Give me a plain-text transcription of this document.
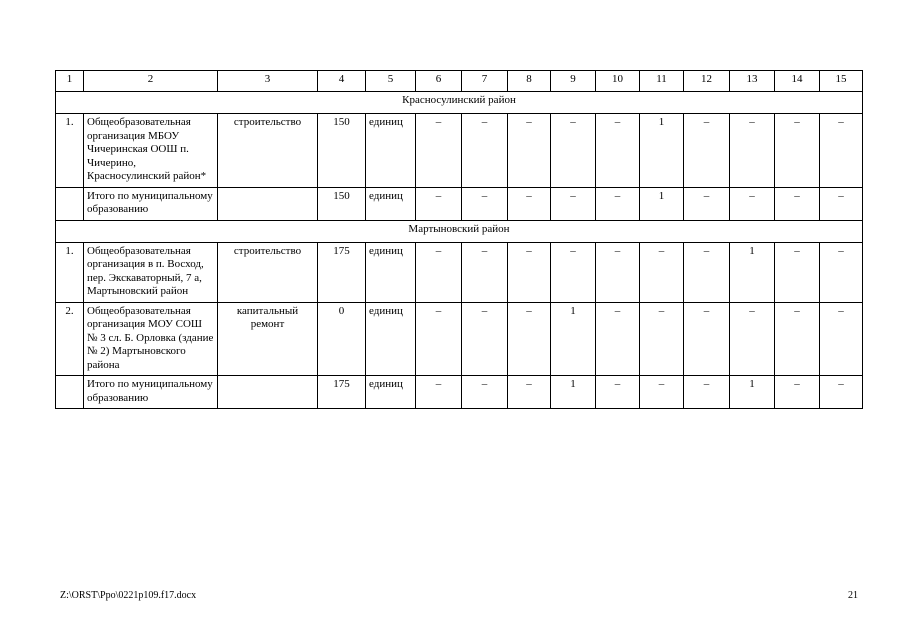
1	2	3	4	5	6	7	8	9	10	11	12	13	14	15
Красносулинский район														
1.	Общеобразовательная организация МБОУ Чичеринская ООШ п. Чичерино, Красносулинский район*	строительство	150	единиц	–	–	–	–	–	1	–	–	–	–
	Итого по муниципальному образованию		150	единиц	–	–	–	–	–	1	–	–	–	–
Мартыновский район														
1.	Общеобразовательная организация в п. Восход, пер. Экскаваторный, 7 а, Мартыновский район	строительство	175	единиц	–	–	–	–	–	–	–	1	–	–
2.	Общеобразовательная организация МОУ СОШ № 3 сл. Б. Орловка (здание № 2) Мартыновского района	капитальный ремонт	0	единиц	–	–	–	1	–	–	–	–	–	–
	Итого по муниципальному образованию		175	единиц	–	–	–	1	–	–	–	1	–	–
Z:\ORST\Ppo\0221p109.f17.docx	21
